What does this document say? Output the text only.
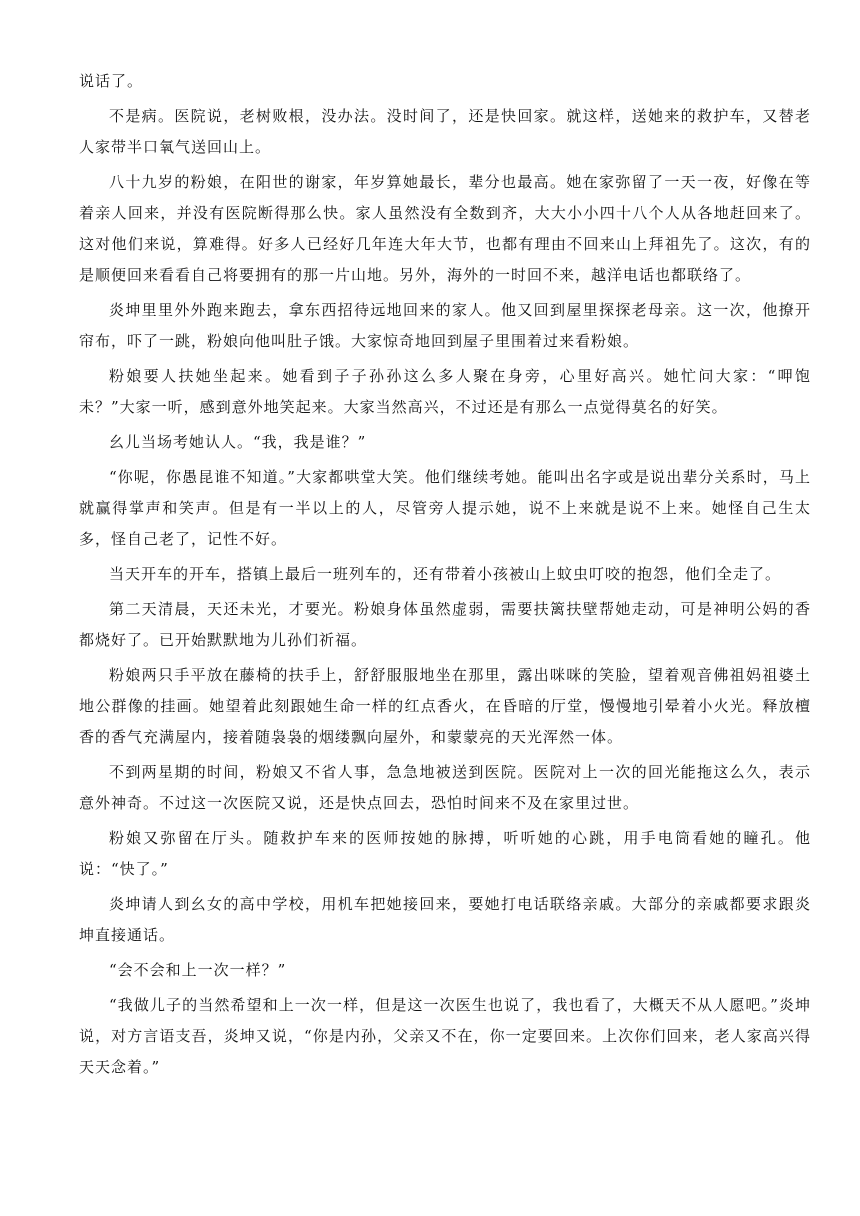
说话了。

不是病。医院说，老树败根，没办法。没时间了，还是快回家。就这样，送她来的救护车，又替老人家带半口氧气送回山上。

八十九岁的粉娘，在阳世的谢家，年岁算她最长，辈分也最高。她在家弥留了一天一夜，好像在等着亲人回来，并没有医院断得那么快。家人虽然没有全数到齐，大大小小四十八个人从各地赶回来了。这对他们来说，算难得。好多人已经好几年连大年大节，也都有理由不回来山上拜祖先了。这次，有的是顺便回来看看自己将要拥有的那一片山地。另外，海外的一时回不来，越洋电话也都联络了。

炎坤里里外外跑来跑去，拿东西招待远地回来的家人。他又回到屋里探探老母亲。这一次，他撩开帘布，吓了一跳，粉娘向他叫肚子饿。大家惊奇地回到屋子里围着过来看粉娘。

粉娘要人扶她坐起来。她看到子子孙孙这么多人聚在身旁，心里好高兴。她忙问大家：“呷饱未？”大家一听，感到意外地笑起来。大家当然高兴，不过还是有那么一点觉得莫名的好笑。

幺儿当场考她认人。“我，我是谁？”

“你呢，你愚昆谁不知道。”大家都哄堂大笑。他们继续考她。能叫出名字或是说出辈分关系时，马上就赢得掌声和笑声。但是有一半以上的人，尽管旁人提示她，说不上来就是说不上来。她怪自己生太多，怪自己老了，记性不好。

当天开车的开车，搭镇上最后一班列车的，还有带着小孩被山上蚊虫叮咬的抱怨，他们全走了。

第二天清晨，天还未光，才要光。粉娘身体虽然虚弱，需要扶篱扶壁帮她走动，可是神明公妈的香都烧好了。已开始默默地为儿孙们祈福。

粉娘两只手平放在藤椅的扶手上，舒舒服服地坐在那里，露出咪咪的笑脸，望着观音佛祖妈祖婆土地公群像的挂画。她望着此刻跟她生命一样的红点香火，在昏暗的厅堂，慢慢地引晕着小火光。释放檀香的香气充满屋内，接着随袅袅的烟缕飘向屋外，和蒙蒙亮的天光浑然一体。

不到两星期的时间，粉娘又不省人事，急急地被送到医院。医院对上一次的回光能拖这么久，表示意外神奇。不过这一次医院又说，还是快点回去，恐怕时间来不及在家里过世。

粉娘又弥留在厅头。随救护车来的医师按她的脉搏，听听她的心跳，用手电筒看她的瞳孔。他说：“快了。”

炎坤请人到幺女的高中学校，用机车把她接回来，要她打电话联络亲戚。大部分的亲戚都要求跟炎坤直接通话。

“会不会和上一次一样？”

“我做儿子的当然希望和上一次一样，但是这一次医生也说了，我也看了，大概天不从人愿吧。”炎坤说，对方言语支吾，炎坤又说，“你是内孙，父亲又不在，你一定要回来。上次你们回来，老人家高兴得天天念着。”
